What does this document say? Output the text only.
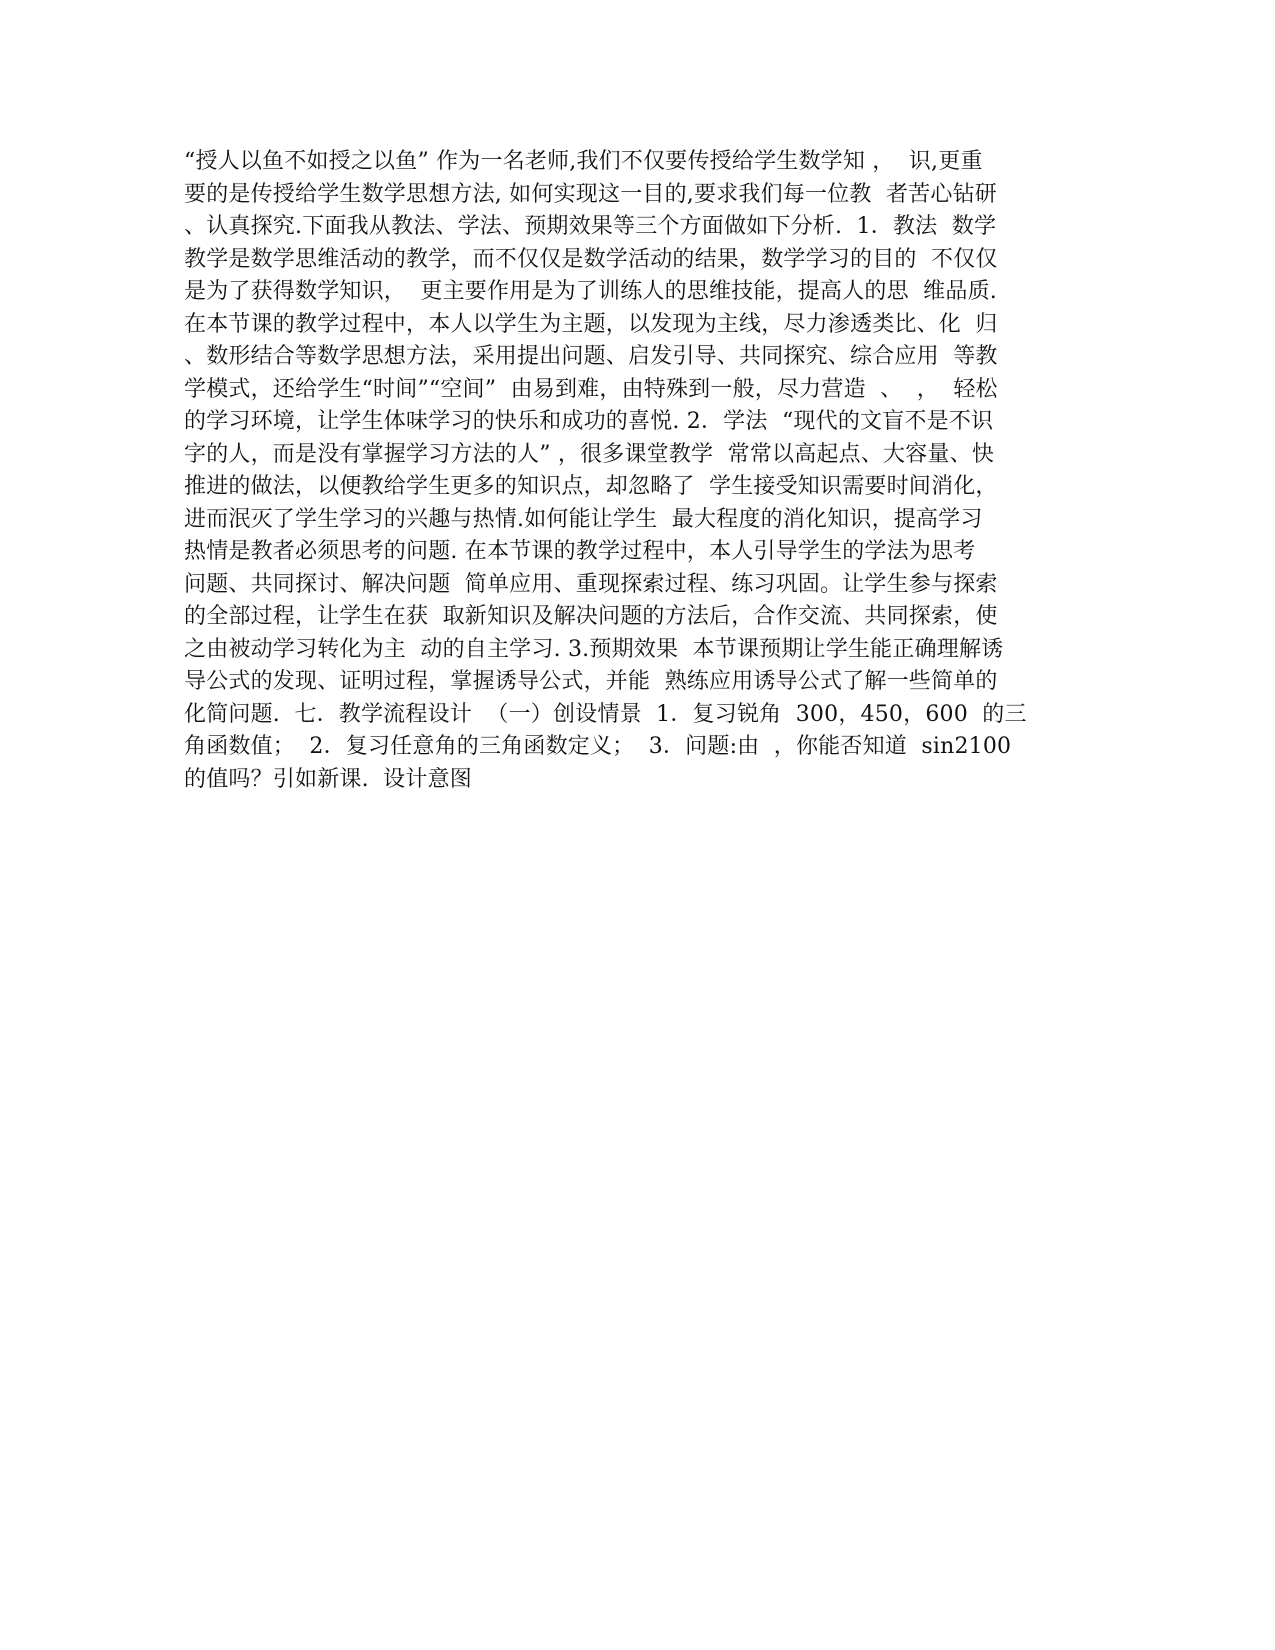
“授人以鱼不如授之以鱼” 作为一名老师,我们不仅要传授给学生数学知 ，  识,更重
要的是传授给学生数学思想方法, 如何实现这一目的,要求我们每一位教  者苦心钻研
、认真探究.下面我从教法、学法、预期效果等三个方面做如下分析.  1．教法  数学
教学是数学思维活动的教学，而不仅仅是数学活动的结果，数学学习的目的  不仅仅
是为了获得数学知识，  更主要作用是为了训练人的思维技能，提高人的思  维品质.
在本节课的教学过程中，本人以学生为主题，以发现为主线，尽力渗透类比、化  归
、数形结合等数学思想方法，采用提出问题、启发引导、共同探究、综合应用  等教
学模式，还给学生“时间”“空间”  由易到难，由特殊到一般，尽力营造  、  ，  轻松
的学习环境，让学生体味学习的快乐和成功的喜悦. 2．学法  “现代的文盲不是不识
字的人，而是没有掌握学习方法的人” ，很多课堂教学  常常以高起点、大容量、快
推进的做法，以便教给学生更多的知识点，却忽略了  学生接受知识需要时间消化，
进而泯灭了学生学习的兴趣与热情.如何能让学生  最大程度的消化知识，提高学习
热情是教者必须思考的问题. 在本节课的教学过程中，本人引导学生的学法为思考
问题、共同探讨、解决问题  简单应用、重现探索过程、练习巩固。让学生参与探索
的全部过程，让学生在获  取新知识及解决问题的方法后，合作交流、共同探索，使
之由被动学习转化为主  动的自主学习. 3.预期效果  本节课预期让学生能正确理解诱
导公式的发现、证明过程，掌握诱导公式，并能  熟练应用诱导公式了解一些简单的
化简问题.  七．教学流程设计  （一）创设情景  1．复习锐角  300，450，600  的三
角函数值；  2．复习任意角的三角函数定义；  3．问题:由  ，你能否知道  sin2100
的值吗？引如新课.  设计意图
